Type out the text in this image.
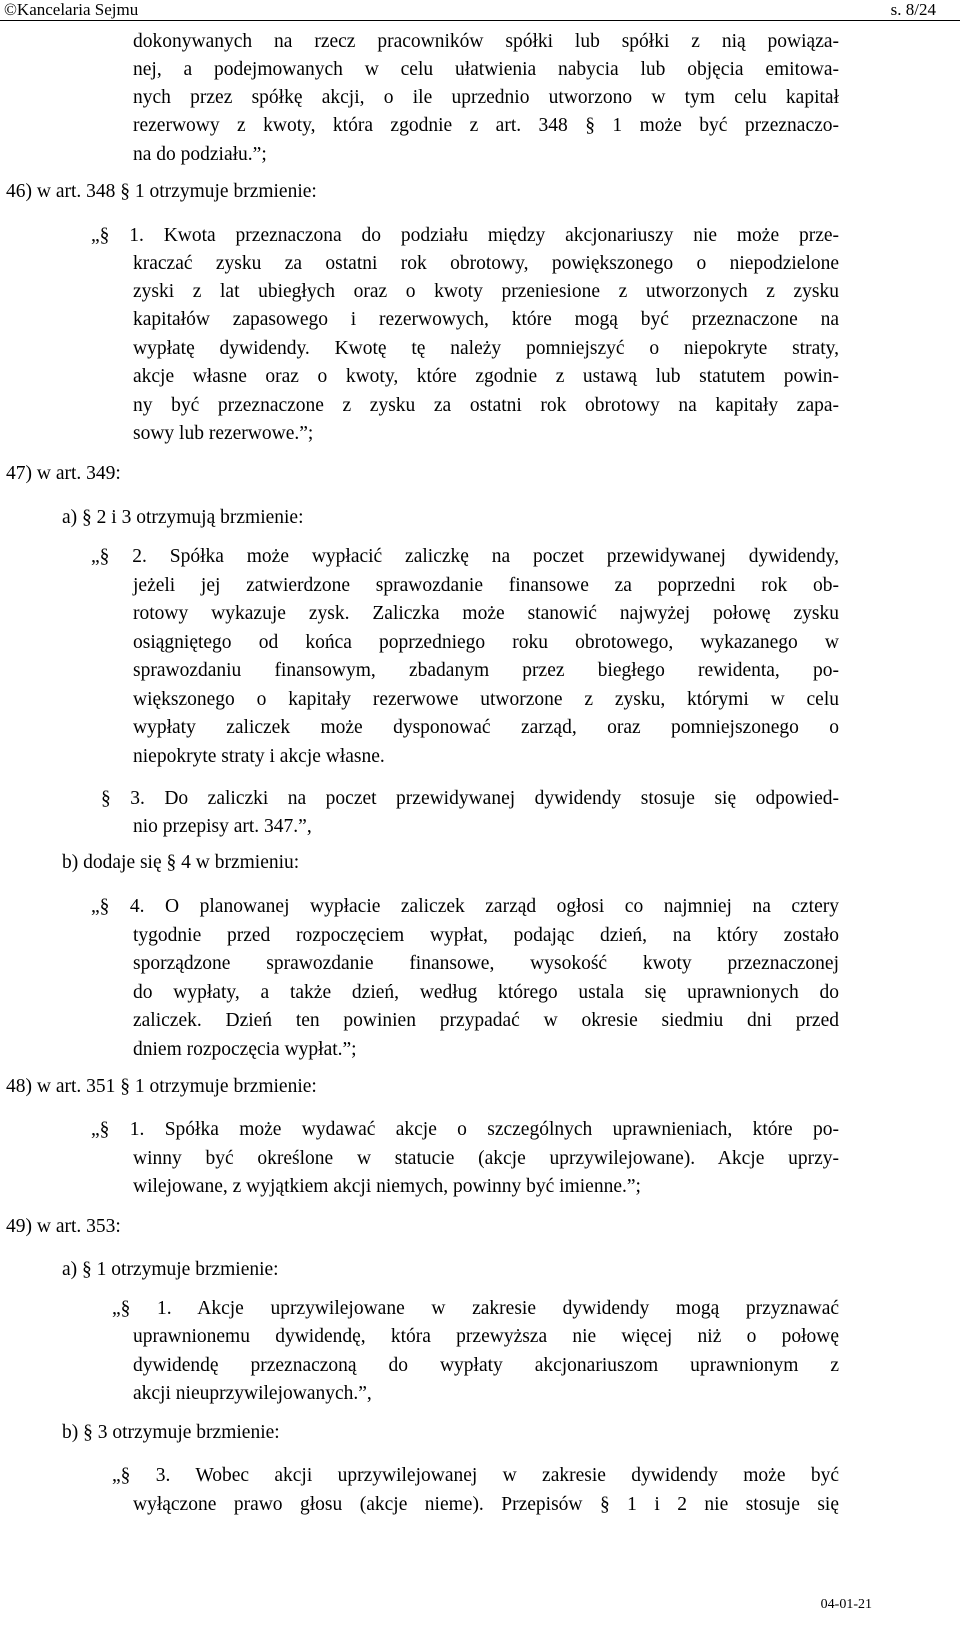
©Kancelaria Sejmu	s. 8/24
dokonywanych na rzecz pracowników spółki lub spółki z nią powiąza-
nej, a podejmowanych w celu ułatwienia nabycia lub objęcia emitowa-
nych przez spółkę akcji, o ile uprzednio utworzono w tym celu kapitał
rezerwowy z kwoty, która zgodnie z art. 348 § 1 może być przeznaczo-
na do podziału.”;
46) w art. 348 § 1 otrzymuje brzmienie:
„§ 1. Kwota przeznaczona do podziału między akcjonariuszy nie może prze-
kraczać zysku za ostatni rok obrotowy, powiększonego o niepodzielone
zyski z lat ubiegłych oraz o kwoty przeniesione z utworzonych z zysku
kapitałów zapasowego i rezerwowych, które mogą być przeznaczone na
wypłatę dywidendy. Kwotę tę należy pomniejszyć o niepokryte straty,
akcje własne oraz o kwoty, które zgodnie z ustawą lub statutem powin-
ny być przeznaczone z zysku za ostatni rok obrotowy na kapitały zapa-
sowy lub rezerwowe.”;
47) w art. 349:
a) § 2 i 3 otrzymują brzmienie:
„§ 2. Spółka może wypłacić zaliczkę na poczet przewidywanej dywidendy,
jeżeli jej zatwierdzone sprawozdanie finansowe za poprzedni rok ob-
rotowy wykazuje zysk. Zaliczka może stanowić najwyżej połowę zysku
osiągniętego od końca poprzedniego roku obrotowego, wykazanego w
sprawozdaniu finansowym, zbadanym przez biegłego rewidenta, po-
większonego o kapitały rezerwowe utworzone z zysku, którymi w celu
wypłaty zaliczek może dysponować zarząd, oraz pomniejszonego o
niepokryte straty i akcje własne.
§ 3. Do zaliczki na poczet przewidywanej dywidendy stosuje się odpowied-
nio przepisy art. 347.”,
b) dodaje się § 4 w brzmieniu:
„§ 4. O planowanej wypłacie zaliczek zarząd ogłosi co najmniej na cztery
tygodnie przed rozpoczęciem wypłat, podając dzień, na który zostało
sporządzone sprawozdanie finansowe, wysokość kwoty przeznaczonej
do wypłaty, a także dzień, według którego ustala się uprawnionych do
zaliczek. Dzień ten powinien przypadać w okresie siedmiu dni przed
dniem rozpoczęcia wypłat.”;
48) w art. 351 § 1 otrzymuje brzmienie:
„§ 1. Spółka może wydawać akcje o szczególnych uprawnieniach, które po-
winny być określone w statucie (akcje uprzywilejowane). Akcje uprzy-
wilejowane, z wyjątkiem akcji niemych, powinny być imienne.”;
49) w art. 353:
a) § 1 otrzymuje brzmienie:
„§ 1. Akcje uprzywilejowane w zakresie dywidendy mogą przyznawać
uprawnionemu dywidendę, która przewyższa nie więcej niż o połowę
dywidendę przeznaczoną do wypłaty akcjonariuszom uprawnionym z
akcji nieuprzywilejowanych.”,
b) § 3 otrzymuje brzmienie:
„§ 3. Wobec akcji uprzywilejowanej w zakresie dywidendy może być
wyłączone prawo głosu (akcje nieme). Przepisów § 1 i 2 nie stosuje się
04-01-21
